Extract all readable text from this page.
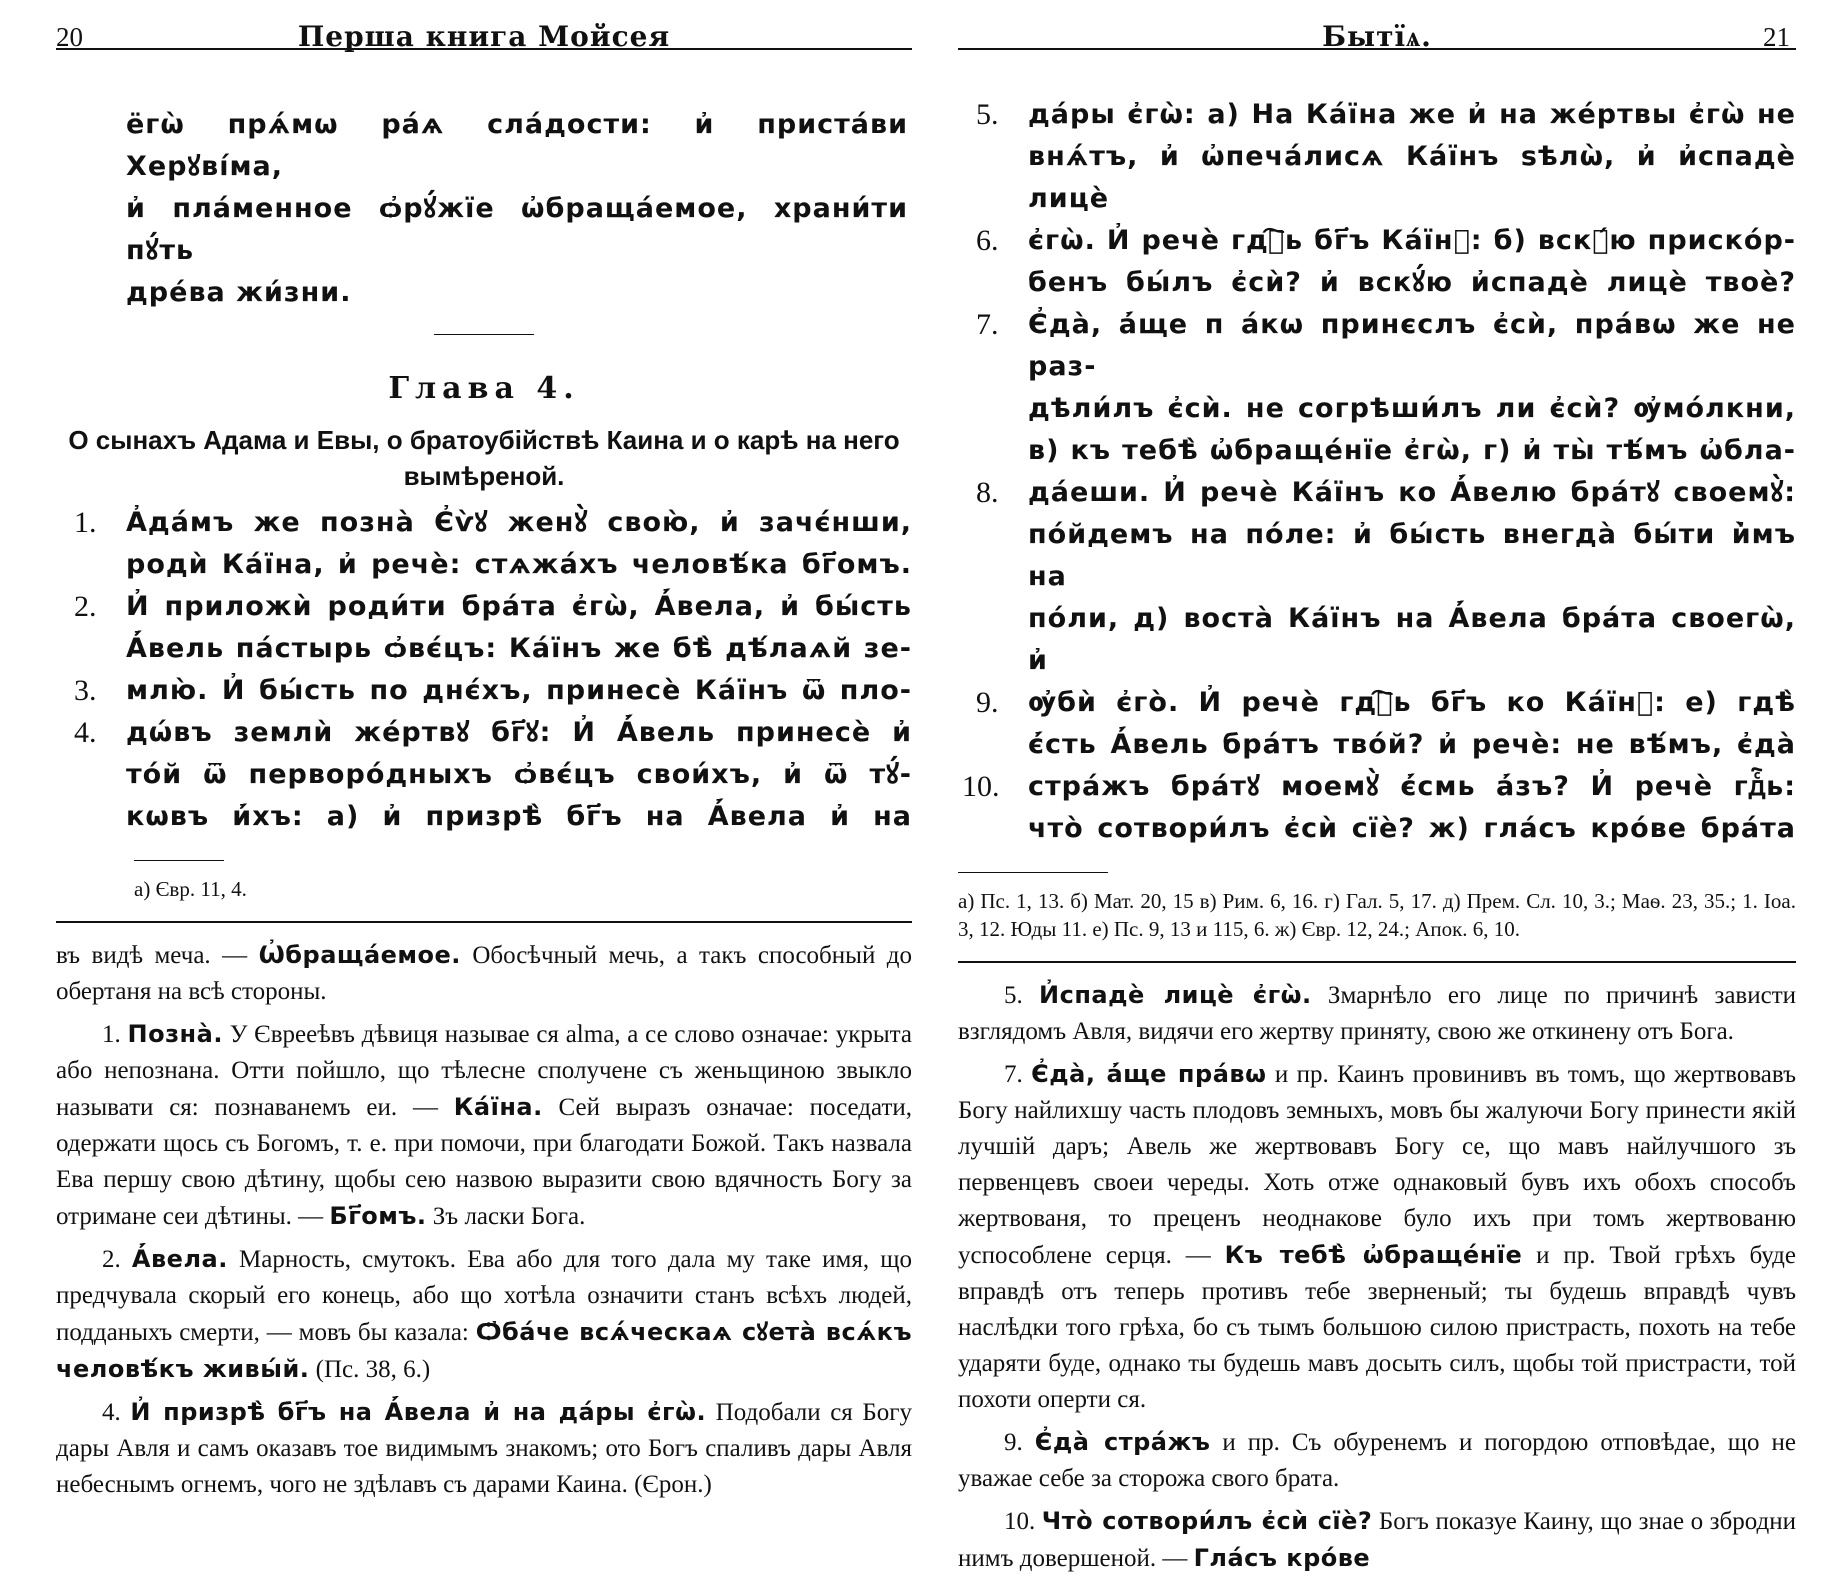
20	Перша книга Мойсея
ёгѡ̀ прѧ́мѡ ра́ѧ сла́дости: и҆ приста́ви Херꙋві́ма,
и҆ пла́менное ѻ҆рꙋ́жїе ѡ҆браща́емое, храни́ти пꙋ́ть
дре́ва жи́зни.
Глава 4.
О сынахъ Адама и Евы, о братоубійствѣ Каина и о карѣ на него вымѣреной.
1.	А҆да́мъ же позна̀ Є҆ѵ̀ꙋ женꙋ̀ свою̀, и҆ зачє́нши,
родѝ Ка́їна, и҆ речѐ: стѧжа́хъ человѣ́ка бг҃омъ.
2.	И҆ приложѝ роди́ти бра́та є҆гѡ̀, А҆́вела, и҆ бы́сть
А҆́вель па́стырь ѻ҆вє́цъ: Ка́їнъ же бѣ̀ дѣ́лаѧй зе-
3.	млю̀. И҆ бы́сть по днє́хъ, принесѐ Ка́їнъ ѿ пло-
4.	дѡ́въ землѝ же́ртвꙋ бг҃ꙋ: И҆ А҆́вель принесѐ и҆
то́й ѿ перворо́дныхъ ѻ҆вє́цъ свои́хъ, и҆ ѿ тꙋ́-
кѡвъ и҆́хъ: а) и҆ призрѣ̀ бг҃ъ на А҆́вела и҆ на
а) Євр. 11, 4.

въ видѣ меча. — Ѡ҆браща́емое. Обосѣчный мечь, а такъ способный до обертаня на всѣ стороны.

1. Позна̀. У Єврееѣвъ дѣвиця называе ся alma, а се слово означае: укрыта або непознана. Отти пойшло, що тѣлесне сполучене съ женьщиною звыкло называти ся: познаванемъ еи. — Ка́їна. Сей выразъ означае: поседати, одержати щось съ Богомъ, т. е. при помочи, при благодати Божой. Такъ назвала Ева першу свою дѣтину, щобы сею назвою выразити свою вдячность Богу за отримане сеи дѣтины. — Бг҃омъ. Зъ ласки Бога.

2. А҆́вела. Марность, смутокъ. Ева або для того дала му таке имя, що предчувала скорый его конець, або що хотѣла означити станъ всѣхъ людей, подданыхъ смерти, — мовъ бы казала: Ѻ҆ба́че всѧ́ческаѧ сꙋета̀ всѧ́къ человѣ́къ живы́й. (Пс. 38, 6.)

4. И҆ призрѣ̀ бг҃ъ на А҆́вела и҆ на да́ры є҆гѡ̀. Подобали ся Богу дары Авля и самъ оказавъ тое видимымъ знакомъ; ото Богъ спаливъ дары Авля небеснымъ огнемъ, чого не здѣлавъ съ дарами Каина. (Єрон.)

Бытїѧ.	21
5.	да́ры є҆гѡ̀: а) На Ка́їна же и҆ на же́ртвы є҆гѡ̀ не
внѧ́тъ, и҆ ѡ҆печа́лисѧ Ка́їнъ ѕѣлѡ̀, и҆ и҆спадѐ лицѐ
6.	є҆гѡ̀. И҆ речѐ гдⷭ҇ь бг҃ъ Ка́їнꙋ: б) вскꙋ́ю приско́р-
бенъ бы́лъ є҆сѝ? и҆ вскꙋ́ю и҆спадѐ лицѐ твоѐ?
7.	Є҆да̀, а҆́ще п а́кѡ принєслъ є҆сѝ, пра́вѡ же не раз-
дѣли́лъ є҆сѝ. не согрѣши́лъ ли є҆сѝ? ѹ҆мо́лкни,
в) къ тебѣ̀ ѡ҆браще́нїе є҆гѡ̀, г) и҆ ты̀ тѣ́мъ ѡ҆бла-
8.	да́еши. И҆ речѐ Ка́їнъ ко А҆́велю бра́тꙋ своемꙋ̀:
по́йдемъ на по́ле: и҆ бы́сть внегда̀ бы́ти и҆̀мъ на
по́ли, д) воста̀ Ка́їнъ на А҆́вела бра́та своегѡ̀, и҆
9.	ѹ҆бѝ є҆го̀. И҆ речѐ гдⷭ҇ь бг҃ъ ко Ка́їнꙋ: е) гдѣ̀
є҆́сть А҆́вель бра́тъ тво́й? и҆ речѐ: не вѣ́мъ, є҆да̀
10.	стра́жъ бра́тꙋ моемꙋ̀ є҆́смь а҆́зъ? И҆ речѐ гдⷭ҇ь:
что̀ сотвори́лъ є҆сѝ сїѐ? ж) гла́съ кро́ве бра́та
а) Пс. 1, 13. б) Мат. 20, 15 в) Рим. 6, 16. г) Гал. 5, 17. д) Прем. Сл. 10, 3.; Маѳ. 23, 35.; 1. Іоа. 3, 12. Юды 11. е) Пс. 9, 13 и 115, 6. ж) Євр. 12, 24.; Апок. 6, 10.

5. И҆спадѐ лицѐ є҆гѡ̀. Змарнѣло его лице по причинѣ зависти взглядомъ Авля, видячи его жертву приняту, свою же откинену отъ Бога.

7. Є҆да̀, а҆́ще пра́вѡ и пр. Каинъ провинивъ въ томъ, що жертвовавъ Богу найлихшу часть плодовъ земныхъ, мовъ бы жалуючи Богу принести якій лучшій даръ; Авель же жертвовавъ Богу се, що мавъ найлучшого зъ первенцевъ своеи череды. Хоть отже однаковый бувъ ихъ обохъ способъ жертвованя, то преценъ неоднакове було ихъ при томъ жертвованю успособлене серця. — Къ тебѣ̀ ѡ҆браще́нїе и пр. Твой грѣхъ буде вправдѣ отъ теперь противъ тебе зверненый; ты будешь вправдѣ чувъ наслѣдки того грѣха, бо съ тымъ большою силою пристрасть, похоть на тебе ударяти буде, однако ты будешь мавъ досыть силъ, щобы той пристрасти, той похоти оперти ся.

9. Є҆да̀ стра́жъ и пр. Съ обуренемъ и погордою отповѣдае, що не уважае себе за сторожа свого брата.

10. Что̀ сотвори́лъ є҆сѝ сїѐ? Богъ показуе Каину, що знае о збродни нимъ довершеной. — Гла́съ кро́ве
